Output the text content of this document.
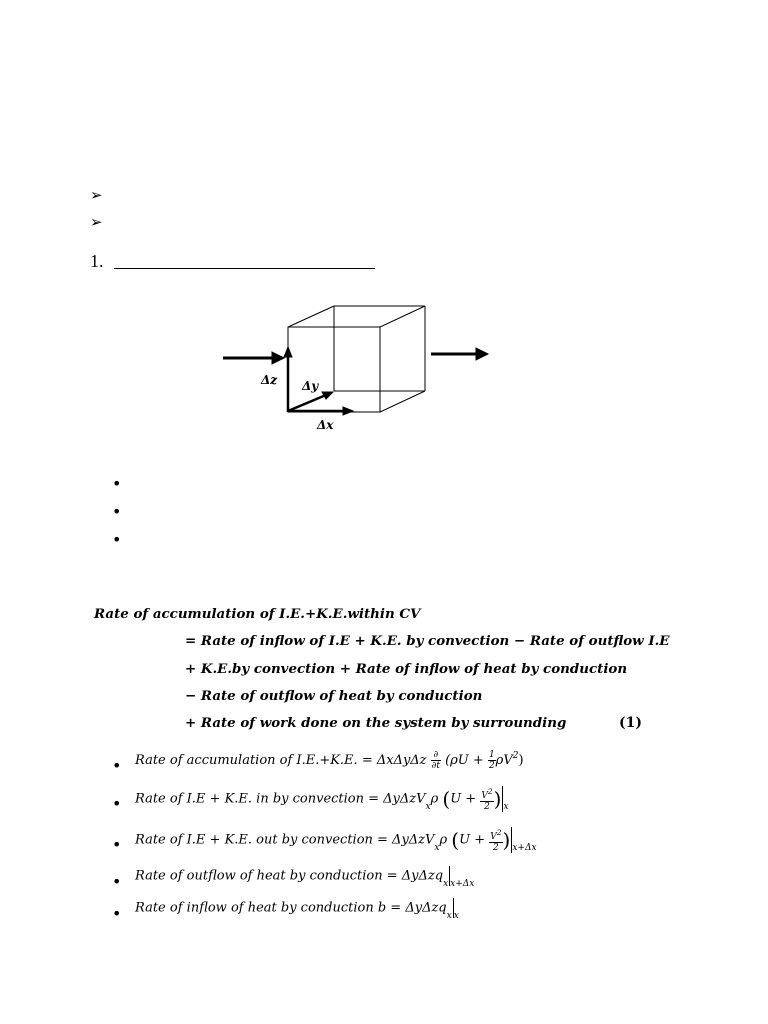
➢
➢
1.
Δz Δy
Δx
•
•
•
Rate of accumulation of I.E.+K.E.within CV
= Rate of inflow of I.E + K.E. by convection − Rate of outflow I.E
+ K.E.by convection + Rate of inflow of heat by conduction
− Rate of outflow of heat by conduction
+ Rate of work done on the system by surrounding	(1)
• Rate of accumulation of I.E.+K.E. = ΔxΔyΔz $\frac{\partial}{\partial t} (\rho U + \frac{1}{2} \rho V^2)$
• Rate of I.E + K.E. in by convection = ΔyΔzV$_x$ρ ($U + \frac{V^2}{2}$ ) $_x$
• Rate of I.E + K.E. out by convection = ΔyΔzV$_x$ρ ($U + \frac{V^2}{2}$ ) $_{x+\Delta x}$
• Rate of outflow of heat by conduction = ΔyΔzq$_x$ $_{x+\Delta x}$
• Rate of inflow of heat by conduction b = ΔyΔzq$_x$ $_x$
